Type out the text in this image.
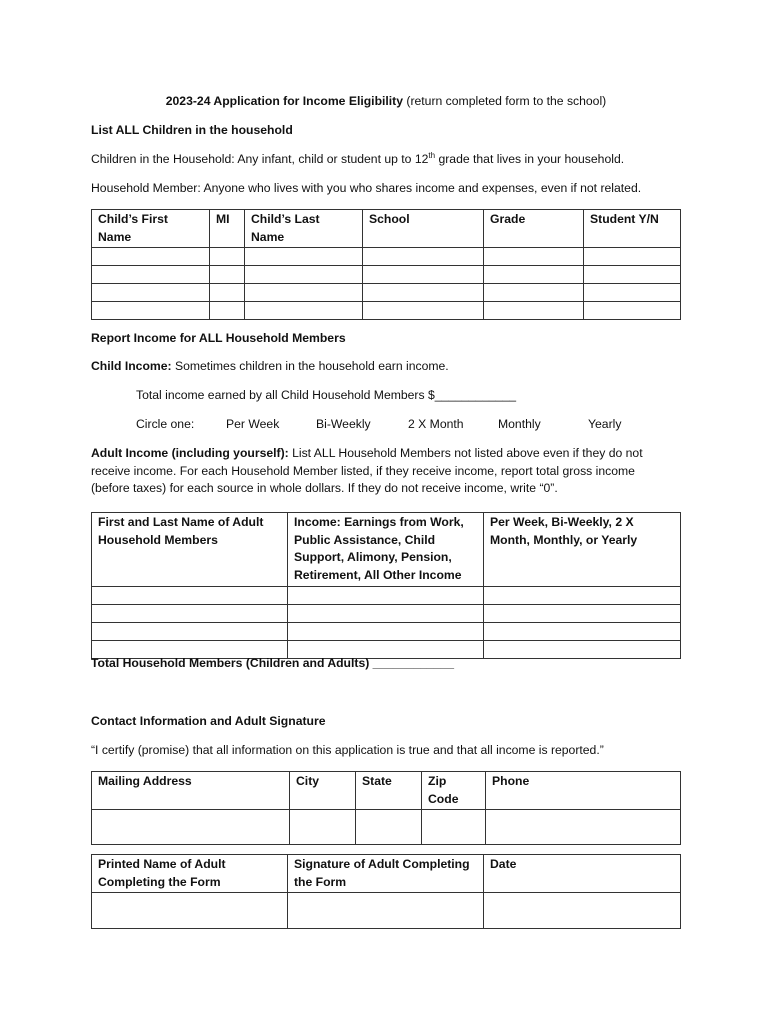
2023-24 Application for Income Eligibility (return completed form to the school)
List ALL Children in the household
Children in the Household: Any infant, child or student up to 12th grade that lives in your household.
Household Member: Anyone who lives with you who shares income and expenses, even if not related.
Child’s First Name	MI	Child’s Last Name	School	Grade	Student Y/N

Report Income for ALL Household Members
Child Income: Sometimes children in the household earn income.
Total income earned by all Child Household Members $____________
Circle one:	Per Week	Bi-Weekly	2 X Month	Monthly	Yearly
Adult Income (including yourself): List ALL Household Members not listed above even if they do not receive income. For each Household Member listed, if they receive income, report total gross income (before taxes) for each source in whole dollars. If they do not receive income, write “0”.
First and Last Name of Adult Household Members	Income: Earnings from Work, Public Assistance, Child Support, Alimony, Pension, Retirement, All Other Income	Per Week, Bi-Weekly, 2 X Month, Monthly, or Yearly

Total Household Members (Children and Adults) ____________
Contact Information and Adult Signature
“I certify (promise) that all information on this application is true and that all income is reported.”
Mailing Address	City	State	Zip Code	Phone

Printed Name of Adult Completing the Form	Signature of Adult Completing the Form	Date
